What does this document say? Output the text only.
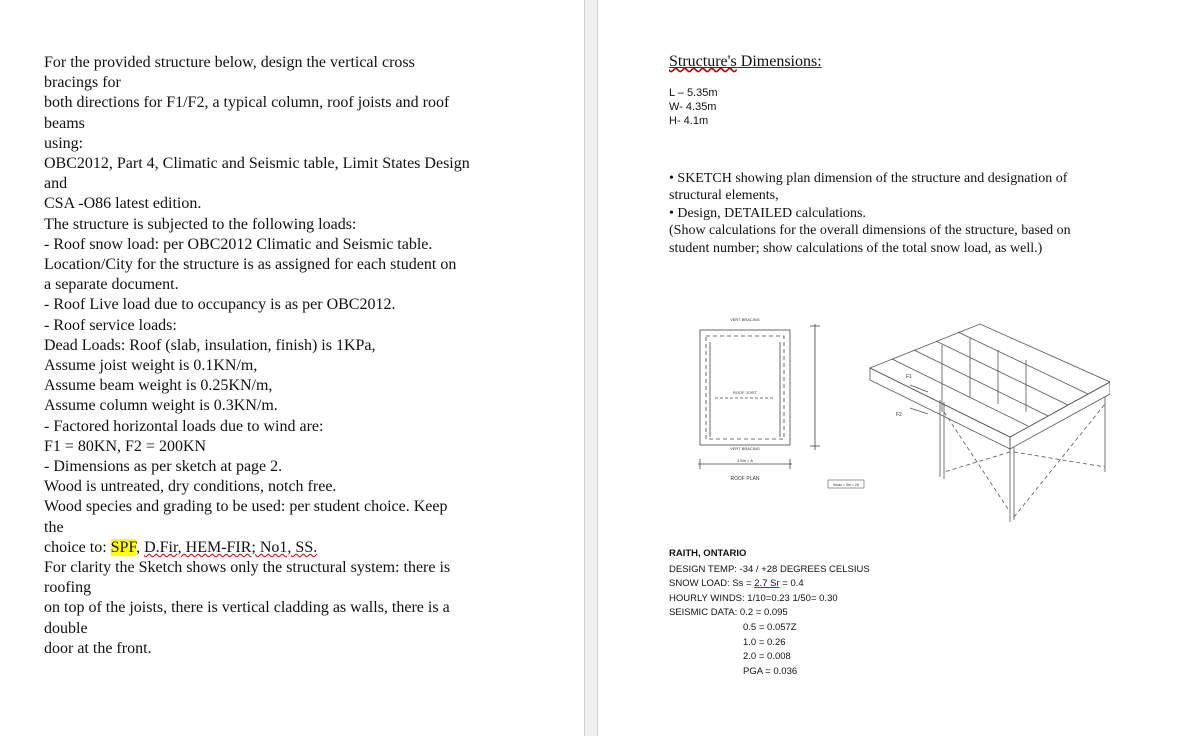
For the provided structure below, design the vertical cross
bracings for
both directions for F1/F2, a typical column, roof joists and roof
beams
using:
OBC2012, Part 4, Climatic and Seismic table, Limit States Design
and
CSA -O86 latest edition.
The structure is subjected to the following loads:
- Roof snow load: per OBC2012 Climatic and Seismic table.
Location/City for the structure is as assigned for each student on
a separate document.
- Roof Live load due to occupancy is as per OBC2012.
- Roof service loads:
Dead Loads: Roof (slab, insulation, finish) is 1KPa,
Assume joist weight is 0.1KN/m,
Assume beam weight is 0.25KN/m,
Assume column weight is 0.3KN/m.
- Factored horizontal loads due to wind are:
F1 = 80KN, F2 = 200KN
- Dimensions as per sketch at page 2.
Wood is untreated, dry conditions, notch free.
Wood species and grading to be used: per student choice. Keep
the
choice to: SPF, D.Fir, HEM-FIR; No1, SS.
For clarity the Sketch shows only the structural system: there is
roofing
on top of the joists, there is vertical cladding as walls, there is a
double
door at the front.
Structure's Dimensions:
L – 5.35m
W- 4.35m
H- 4.1m
• SKETCH showing plan dimension of the structure and designation of
structural elements,
• Design, DETAILED calculations.
(Show calculations for the overall dimensions of the structure, based on
student number; show calculations of the total snow load, as well.)
VERT BRACING
ROOF JOIST
VERT BRACING
3.5m = A
ROOF PLAN
Hmax = 3m = 2A
F1
F2
RAITH, ONTARIO
DESIGN TEMP: -34 / +28 DEGREES CELSIUS
SNOW LOAD: Ss = 2.7 Sr = 0.4
HOURLY WINDS: 1/10=0.23 1/50= 0.30
SEISMIC DATA: 0.2 = 0.095
0.5 = 0.057Z
1.0 = 0.26
2.0 = 0.008
PGA = 0.036
